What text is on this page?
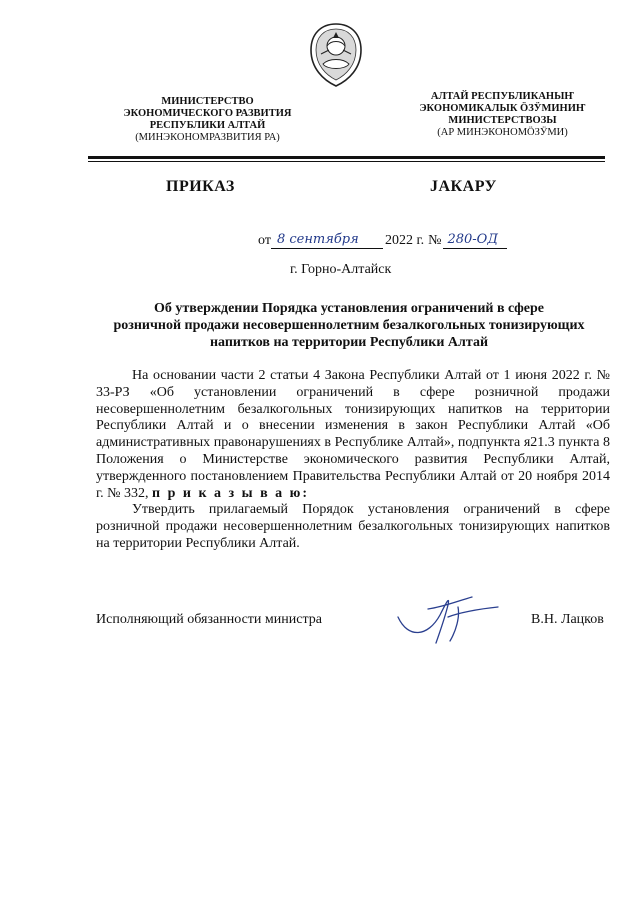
МИНИСТЕРСТВО
ЭКОНОМИЧЕСКОГО РАЗВИТИЯ
РЕСПУБЛИКИ АЛТАЙ
(МИНЭКОНОМРАЗВИТИЯ РА)
АЛТАЙ РЕСПУБЛИКАНЫҤ
ЭКОНОМИКАЛЫК ӦЗӰМИНИҤ
МИНИСТЕРСТВОЗЫ
(АР МИНЭКОНОМӦЗӰМИ)
ПРИКАЗ	ЈАКАРУ
от 8 сентября 2022 г. № 280-ОД
г. Горно-Алтайск
Об утверждении Порядка установления ограничений в сфере
розничной продажи несовершеннолетним безалкогольных тонизирующих
напитков на территории Республики Алтай

На основании части 2 статьи 4 Закона Республики Алтай от 1 июня 2022 г. № 33-РЗ «Об установлении ограничений в сфере розничной продажи несовершеннолетним безалкогольных тонизирующих напитков на территории Республики Алтай и о внесении изменения в закон Республики Алтай «Об административных правонарушениях в Республике Алтай», подпункта я21.3 пункта 8 Положения о Министерстве экономического развития Республики Алтай, утвержденного постановлением Правительства Республики Алтай от 20 ноября 2014 г. № 332, п р и к а з ы в а ю:

Утвердить прилагаемый Порядок установления ограничений в сфере розничной продажи несовершеннолетним безалкогольных тонизирующих напитков на территории Республики Алтай.

Исполняющий обязанности министра	В.Н. Лацков
